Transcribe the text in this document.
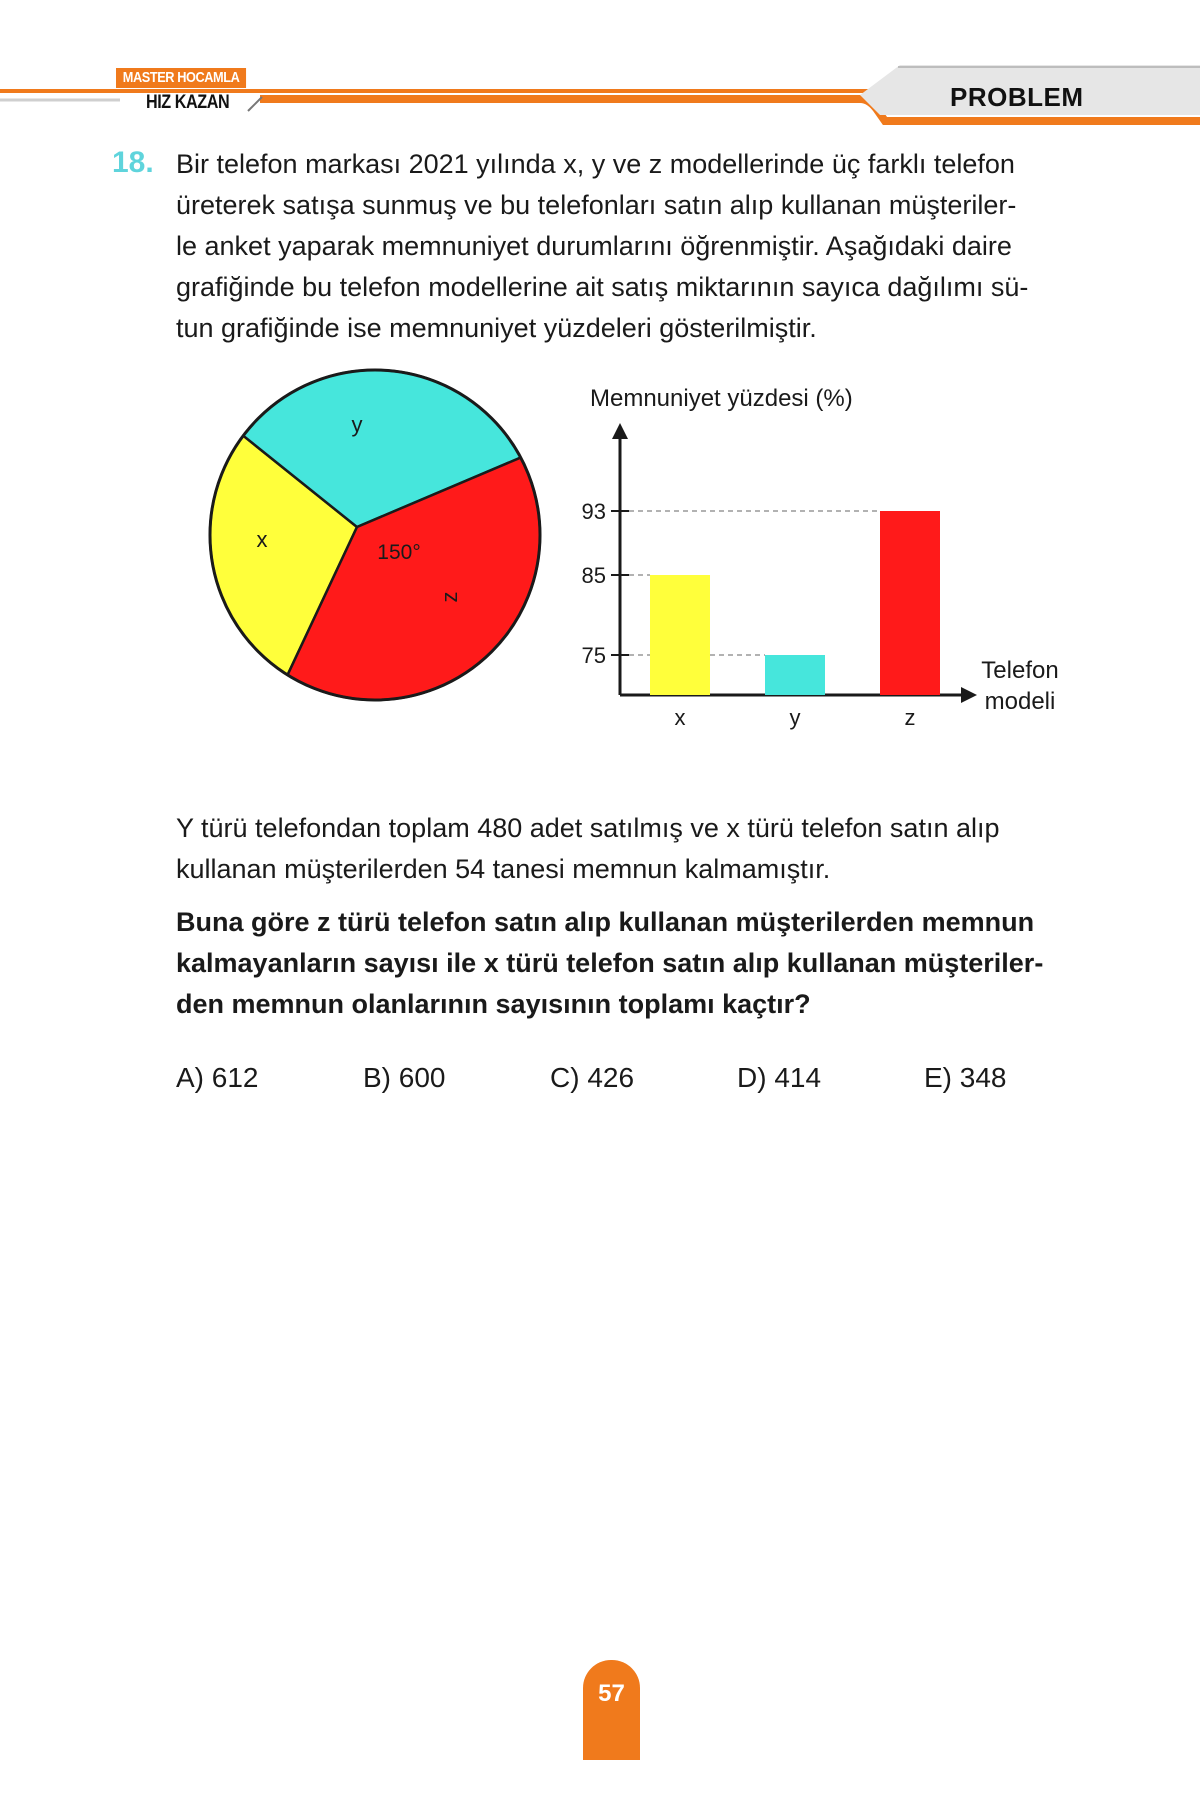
MASTER HOCAMLA
HIZ KAZAN	PROBLEM
18. Bir telefon markası 2021 yılında x, y ve z modellerinde üç farklı telefon
üreterek satışa sunmuş ve bu telefonları satın alıp kullanan müşteriler-
le anket yaparak memnuniyet durumlarını öğrenmiştir. Aşağıdaki daire
grafiğinde bu telefon modellerine ait satış miktarının sayıca dağılımı sü-
tun grafiğinde ise memnuniyet yüzdeleri gösterilmiştir.
x
y
z
150°
Memnuniyet yüzdesi (%)
75
85
93
x	y	z
Telefon
modeli
Y türü telefondan toplam 480 adet satılmış ve x türü telefon satın alıp
kullanan müşterilerden 54 tanesi memnun kalmamıştır.
Buna göre z türü telefon satın alıp kullanan müşterilerden memnun
kalmayanların sayısı ile x türü telefon satın alıp kullanan müşteriler-
den memnun olanlarının sayısının toplamı kaçtır?
A) 612	B) 600	C) 426	D) 414	E) 348
57
